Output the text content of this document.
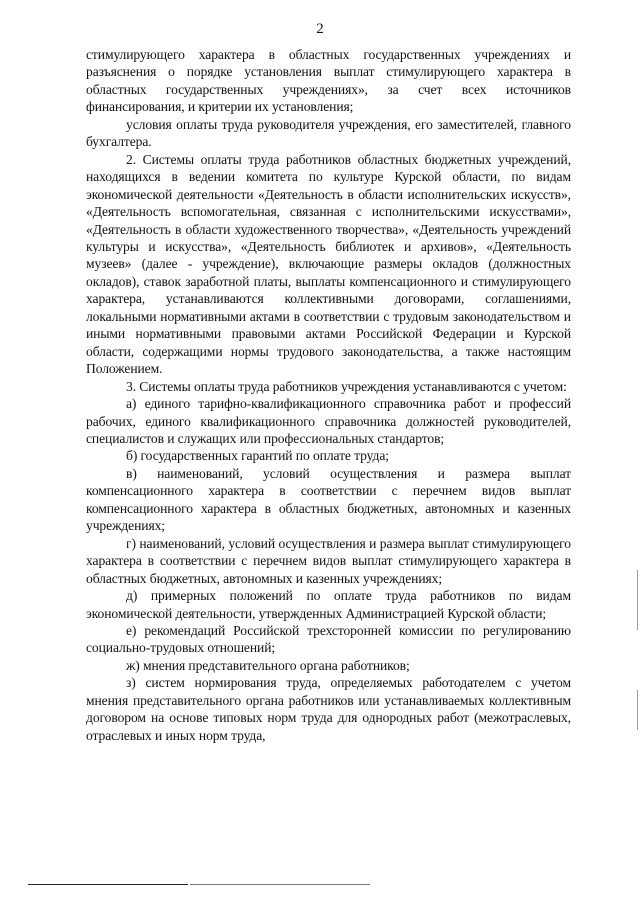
2

стимулирующего характера в областных государственных учреждениях и разъяснения о порядке установления выплат стимулирующего характера в областных государственных учреждениях», за счет всех источников финансирования, и критерии их установления;

условия оплаты труда руководителя учреждения, его заместителей, главного бухгалтера.

2. Системы оплаты труда работников областных бюджетных учреждений, находящихся в ведении комитета по культуре Курской области, по видам экономической деятельности «Деятельность в области исполнительских искусств», «Деятельность вспомогательная, связанная с исполнительскими искусствами», «Деятельность в области художественного творчества», «Деятельность учреждений культуры и искусства», «Деятельность библиотек и архивов», «Деятельность музеев» (далее - учреждение), включающие размеры окладов (должностных окладов), ставок заработной платы, выплаты компенсационного и стимулирующего характера, устанавливаются коллективными договорами, соглашениями, локальными нормативными актами в соответствии с трудовым законодательством и иными нормативными правовыми актами Российской Федерации и Курской области, содержащими нормы трудового законодательства, а также настоящим Положением.

3. Системы оплаты труда работников учреждения устанавливаются с учетом:

а) единого тарифно-квалификационного справочника работ и профессий рабочих, единого квалификационного справочника должностей руководителей, специалистов и служащих или профессиональных стандартов;

б) государственных гарантий по оплате труда;

в) наименований, условий осуществления и размера выплат компенсационного характера в соответствии с перечнем видов выплат компенсационного характера в областных бюджетных, автономных и казенных учреждениях;

г) наименований, условий осуществления и размера выплат стимулирующего характера в соответствии с перечнем видов выплат стимулирующего характера в областных бюджетных, автономных и казенных учреждениях;

д) примерных положений по оплате труда работников по видам экономической деятельности, утвержденных Администрацией Курской области;

е) рекомендаций Российской трехсторонней комиссии по регулированию социально-трудовых отношений;

ж) мнения представительного органа работников;

з) систем нормирования труда, определяемых работодателем с учетом мнения представительного органа работников или устанавливаемых коллективным договором на основе типовых норм труда для однородных работ (межотраслевых, отраслевых и иных норм труда,
